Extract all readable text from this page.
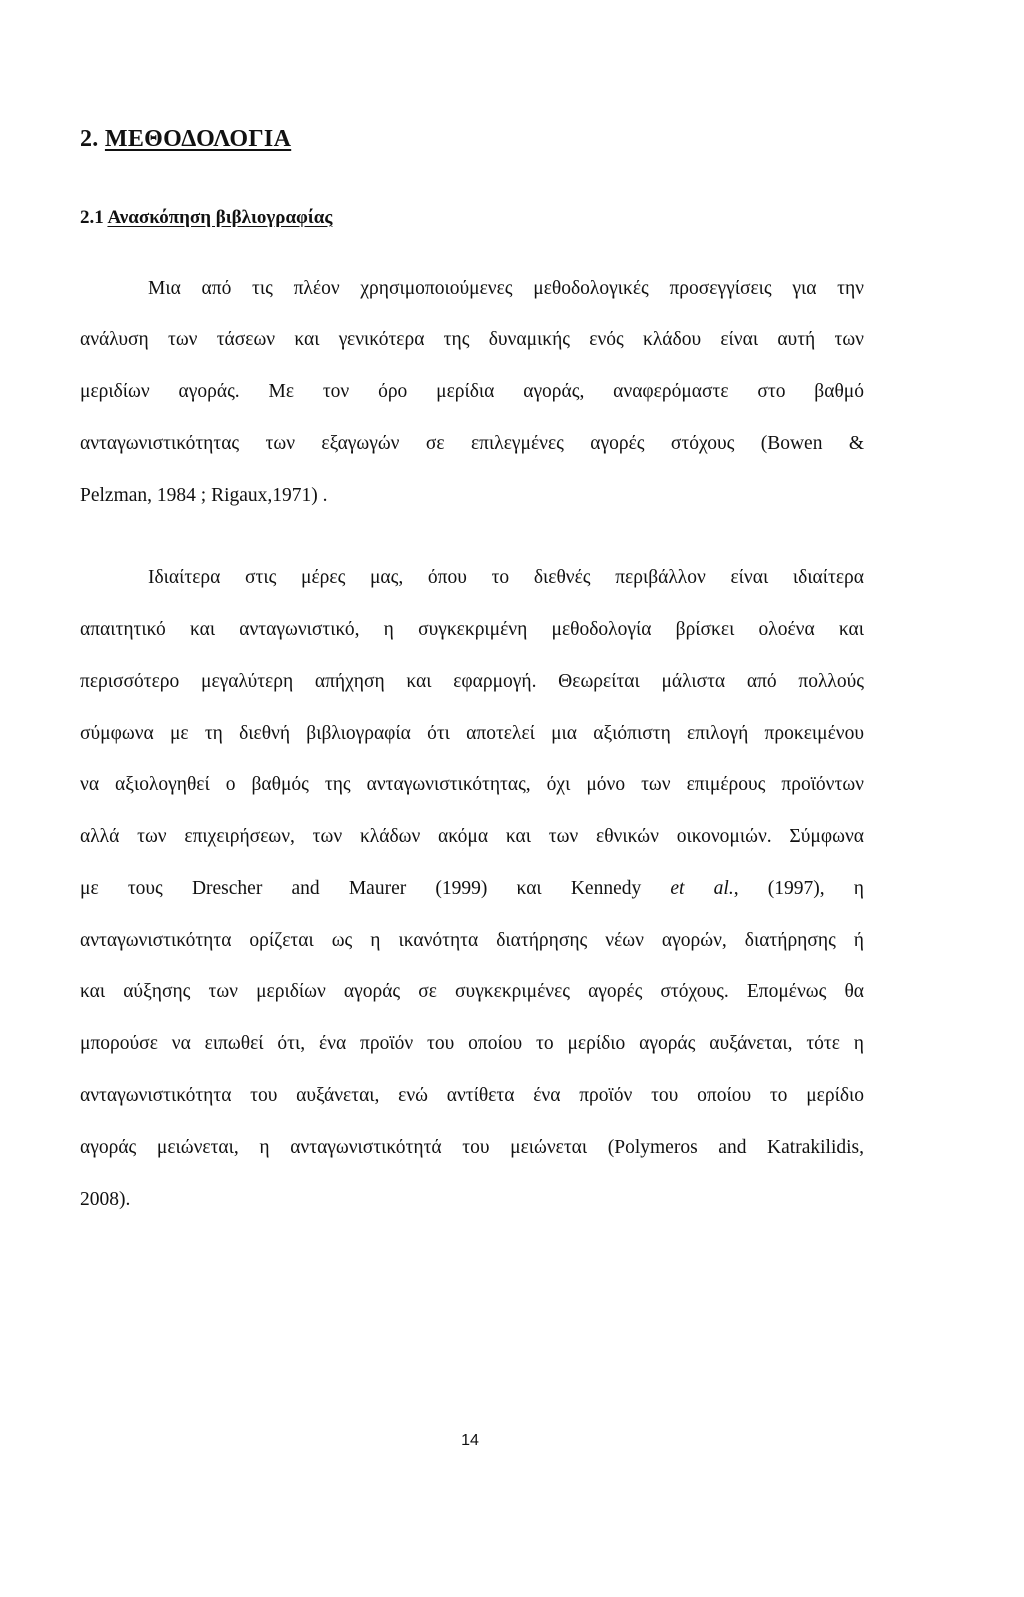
2. ΜΕΘΟΔΟΛΟΓΙΑ
2.1 Ανασκόπηση βιβλιογραφίας
Μια από τις πλέον χρησιμοποιούμενες μεθοδολογικές προσεγγίσεις για την
ανάλυση των τάσεων και γενικότερα της δυναμικής ενός κλάδου είναι αυτή των
μεριδίων αγοράς. Με τον όρο μερίδια αγοράς, αναφερόμαστε στο βαθμό
ανταγωνιστικότητας των εξαγωγών σε επιλεγμένες αγορές στόχους (Bowen &
Pelzman, 1984 ; Rigaux,1971) .
Ιδιαίτερα στις μέρες μας, όπου το διεθνές περιβάλλον είναι ιδιαίτερα
απαιτητικό και ανταγωνιστικό, η συγκεκριμένη μεθοδολογία βρίσκει ολοένα και
περισσότερο μεγαλύτερη απήχηση και εφαρμογή. Θεωρείται μάλιστα από πολλούς
σύμφωνα με τη διεθνή βιβλιογραφία ότι αποτελεί μια αξιόπιστη επιλογή προκειμένου
να αξιολογηθεί ο βαθμός της ανταγωνιστικότητας, όχι μόνο των επιμέρους προϊόντων
αλλά των επιχειρήσεων, των κλάδων ακόμα και των εθνικών οικονομιών. Σύμφωνα
με τους Drescher and Maurer (1999) και Kennedy et al., (1997), η
ανταγωνιστικότητα ορίζεται ως η ικανότητα διατήρησης νέων αγορών, διατήρησης ή
και αύξησης των μεριδίων αγοράς σε συγκεκριμένες αγορές στόχους. Επομένως θα
μπορούσε να ειπωθεί ότι, ένα προϊόν του οποίου το μερίδιο αγοράς αυξάνεται, τότε η
ανταγωνιστικότητα του αυξάνεται, ενώ αντίθετα ένα προϊόν του οποίου το μερίδιο
αγοράς μειώνεται, η ανταγωνιστικότητά του μειώνεται (Polymeros and Katrakilidis,
2008).
14
